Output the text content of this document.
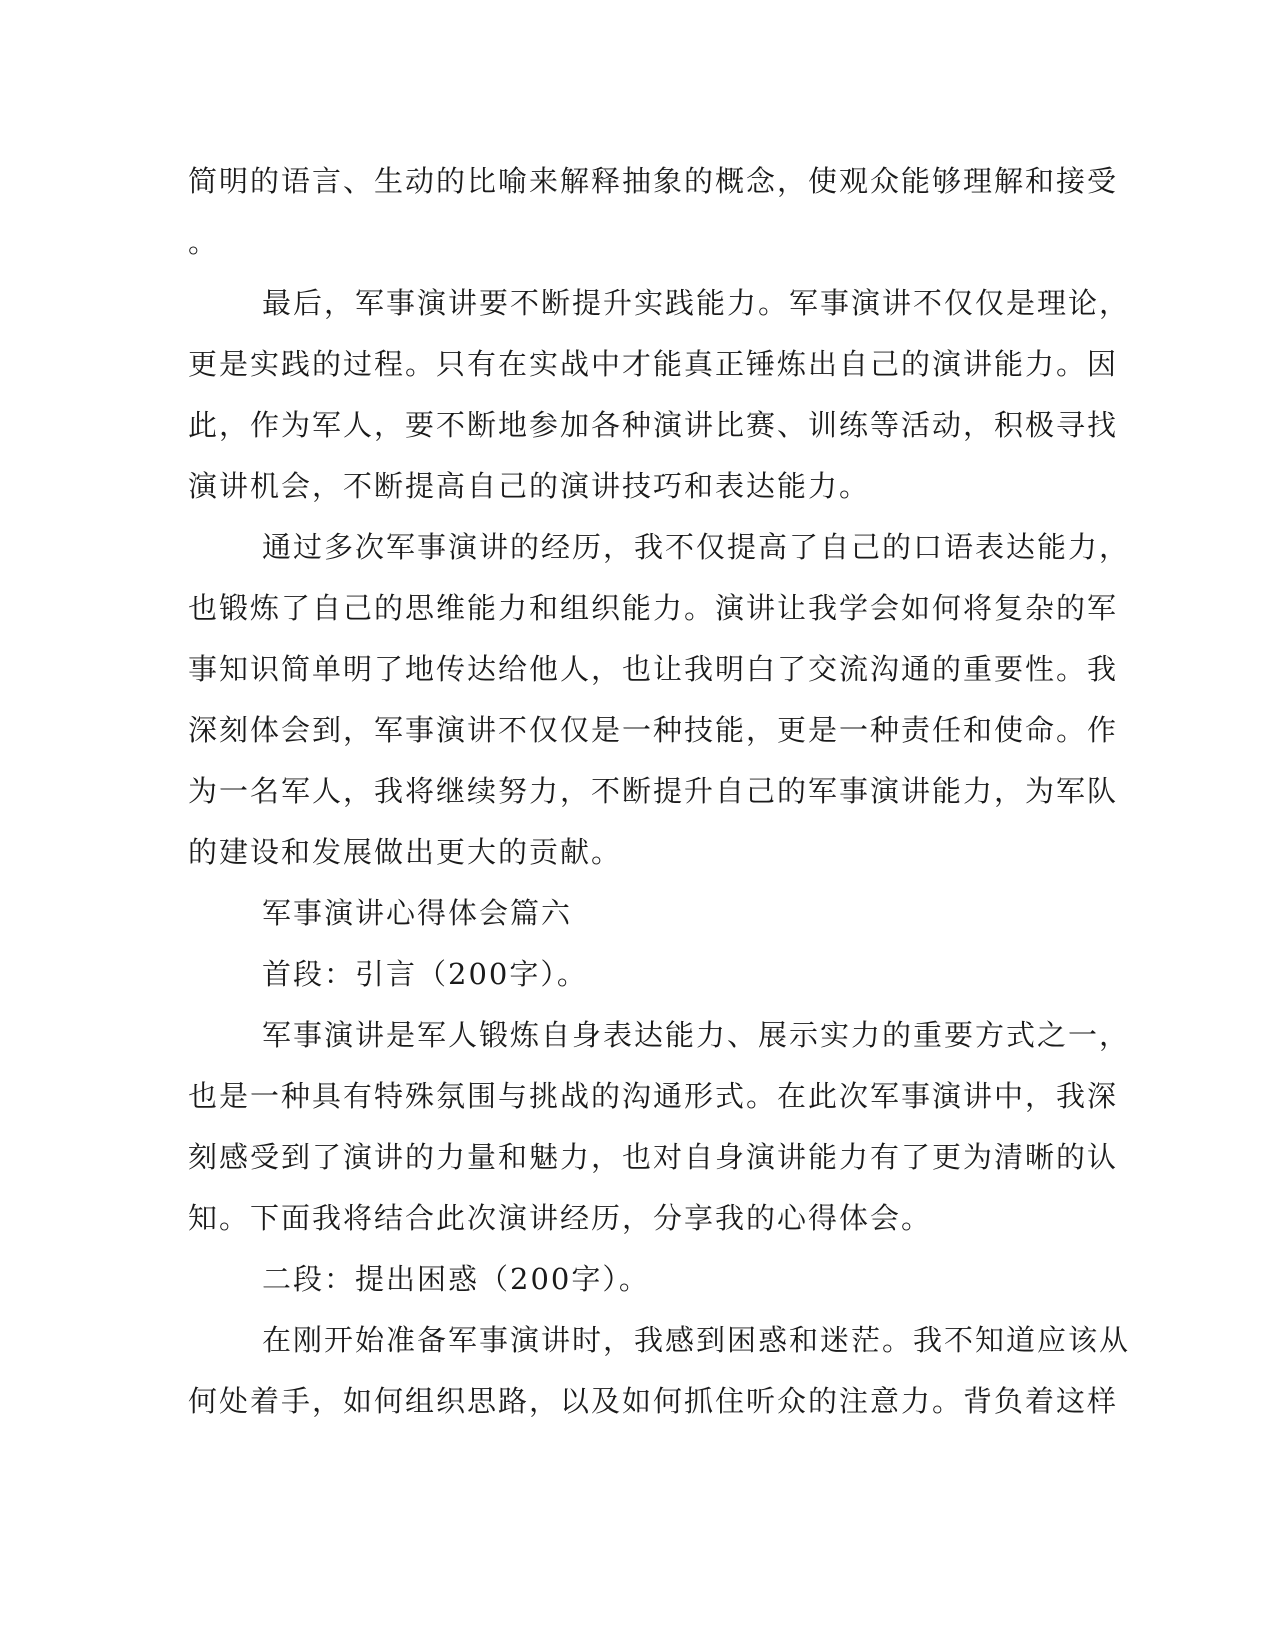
简明的语言、生动的比喻来解释抽象的概念，使观众能够理解和接受
。
最后，军事演讲要不断提升实践能力。军事演讲不仅仅是理论，
更是实践的过程。只有在实战中才能真正锤炼出自己的演讲能力。因
此，作为军人，要不断地参加各种演讲比赛、训练等活动，积极寻找
演讲机会，不断提高自己的演讲技巧和表达能力。
通过多次军事演讲的经历，我不仅提高了自己的口语表达能力，
也锻炼了自己的思维能力和组织能力。演讲让我学会如何将复杂的军
事知识简单明了地传达给他人，也让我明白了交流沟通的重要性。我
深刻体会到，军事演讲不仅仅是一种技能，更是一种责任和使命。作
为一名军人，我将继续努力，不断提升自己的军事演讲能力，为军队
的建设和发展做出更大的贡献。
军事演讲心得体会篇六
首段：引言（200字）。
军事演讲是军人锻炼自身表达能力、展示实力的重要方式之一，
也是一种具有特殊氛围与挑战的沟通形式。在此次军事演讲中，我深
刻感受到了演讲的力量和魅力，也对自身演讲能力有了更为清晰的认
知。下面我将结合此次演讲经历，分享我的心得体会。
二段：提出困惑（200字）。
在刚开始准备军事演讲时，我感到困惑和迷茫。我不知道应该从
何处着手，如何组织思路，以及如何抓住听众的注意力。背负着这样
